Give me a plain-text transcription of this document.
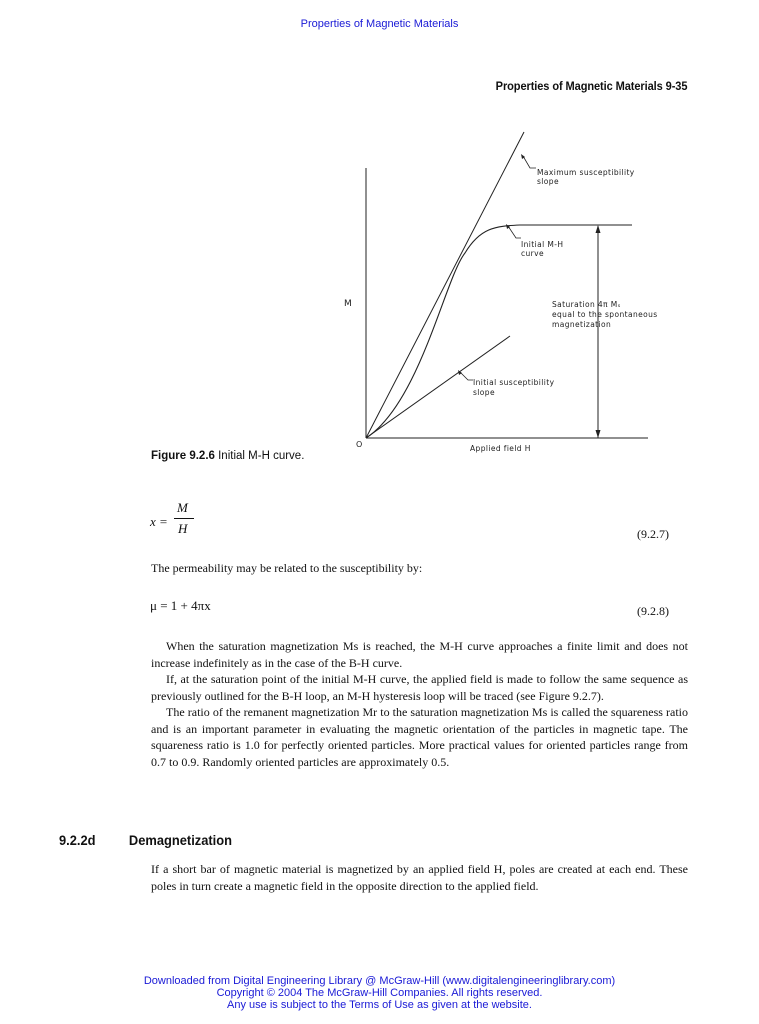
Properties of Magnetic Materials
Properties of Magnetic Materials 9-35
Maximum susceptibility
slope
Initial M-H
curve
Saturation 4π Mₛ
equal to the spontaneous
magnetization
Initial susceptibility
slope
M
O	Applied field H
Figure 9.2.6 Initial M-H curve.
x =
M
H	(9.2.7)
The permeability may be related to the susceptibility by:
μ = 1 + 4πx	(9.2.8)

When the saturation magnetization Ms is reached, the M-H curve approaches a finite limit and does not increase indefinitely as in the case of the B-H curve.

If, at the saturation point of the initial M-H curve, the applied field is made to follow the same sequence as previously outlined for the B-H loop, an M-H hysteresis loop will be traced (see Figure 9.2.7).

The ratio of the remanent magnetization Mr to the saturation magnetization Ms is called the squareness ratio and is an important parameter in evaluating the magnetic orientation of the particles in magnetic tape. The squareness ratio is 1.0 for perfectly oriented particles. More practical values for oriented particles range from 0.7 to 0.9. Randomly oriented particles are approximately 0.5.

9.2.2d Demagnetization
If a short bar of magnetic material is magnetized by an applied field H, poles are created at each end. These poles in turn create a magnetic field in the opposite direction to the applied field.
Downloaded from Digital Engineering Library @ McGraw-Hill (www.digitalengineeringlibrary.com)
Copyright © 2004 The McGraw-Hill Companies. All rights reserved.
Any use is subject to the Terms of Use as given at the website.
